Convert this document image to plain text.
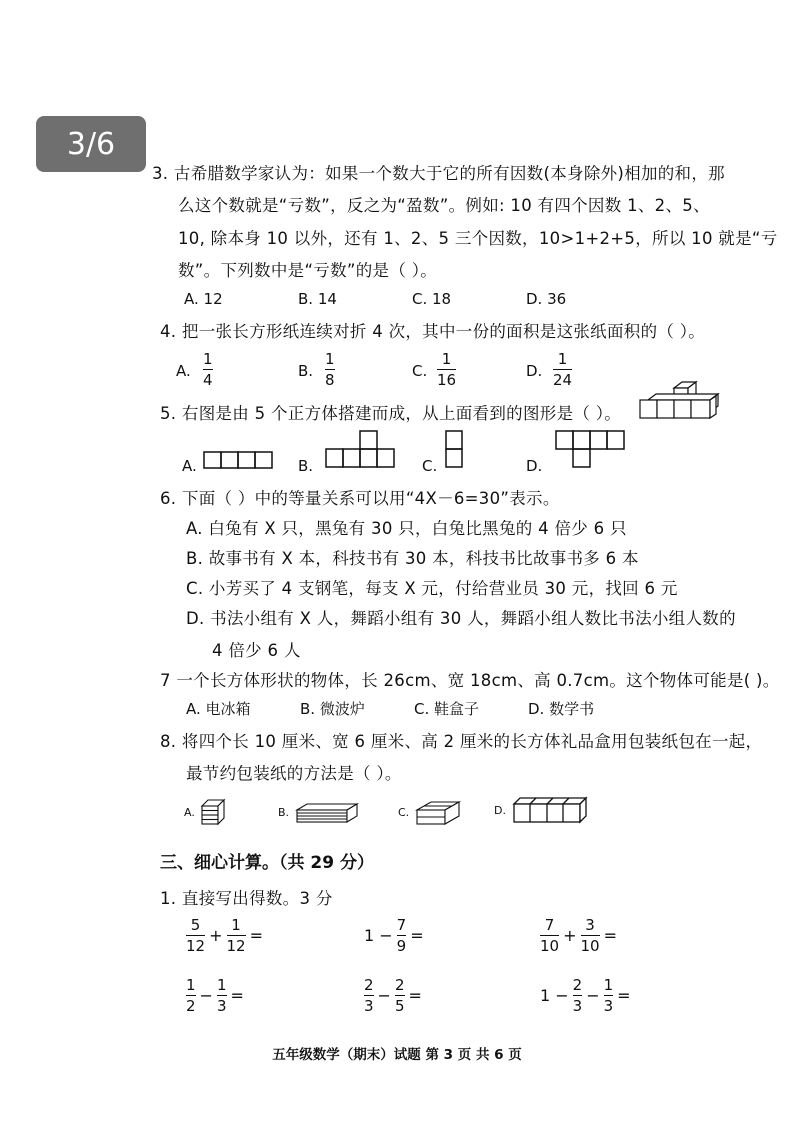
3/6
3. 古希腊数学家认为：如果一个数大于它的所有因数(本身除外)相加的和，那
么这个数就是“亏数”，反之为“盈数”。例如: 10 有四个因数 1、2、5、
10, 除本身 10 以外，还有 1、2、5 三个因数，10>1+2+5，所以 10 就是“亏
数”。下列数中是“亏数”的是（ ）。
A. 12	B. 14	C. 18	D. 36
4. 把一张长方形纸连续对折 4 次，其中一份的面积是这张纸面积的（ ）。
A.
1
4	B.
1
8	C.
1
16	D.
1
24
5. 右图是由 5 个正方体搭建而成，从上面看到的图形是（ ）。
A.	B.	C.	D.
6. 下面（ ）中的等量关系可以用“4X－6=30”表示。
A. 白兔有 X 只，黑兔有 30 只，白兔比黑兔的 4 倍少 6 只
B. 故事书有 X 本，科技书有 30 本，科技书比故事书多 6 本
C. 小芳买了 4 支钢笔，每支 X 元，付给营业员 30 元，找回 6 元
D. 书法小组有 X 人，舞蹈小组有 30 人，舞蹈小组人数比书法小组人数的
4 倍少 6 人
7 一个长方体形状的物体，长 26cm、宽 18cm、高 0.7cm。这个物体可能是( )。
A. 电冰箱	B. 微波炉	C. 鞋盒子	D. 数学书
8. 将四个长 10 厘米、宽 6 厘米、高 2 厘米的长方体礼品盒用包装纸包在一起，
最节约包装纸的方法是（ ）。
A.	B.	C.	D.
三、细心计算。（共 29 分）
1. 直接写出得数。3 分
$\frac{5}{12} + \frac{1}{12}$ =	$1 - \frac{7}{9}$ =	$\frac{7}{10} + \frac{3}{10}$ =
$\frac{1}{2} - \frac{1}{3}$ =	$\frac{2}{3} - \frac{2}{5}$ =	$1 - \frac{2}{3} - \frac{1}{3}$ =
五年级数学（期末）试题 第 3 页 共 6 页
